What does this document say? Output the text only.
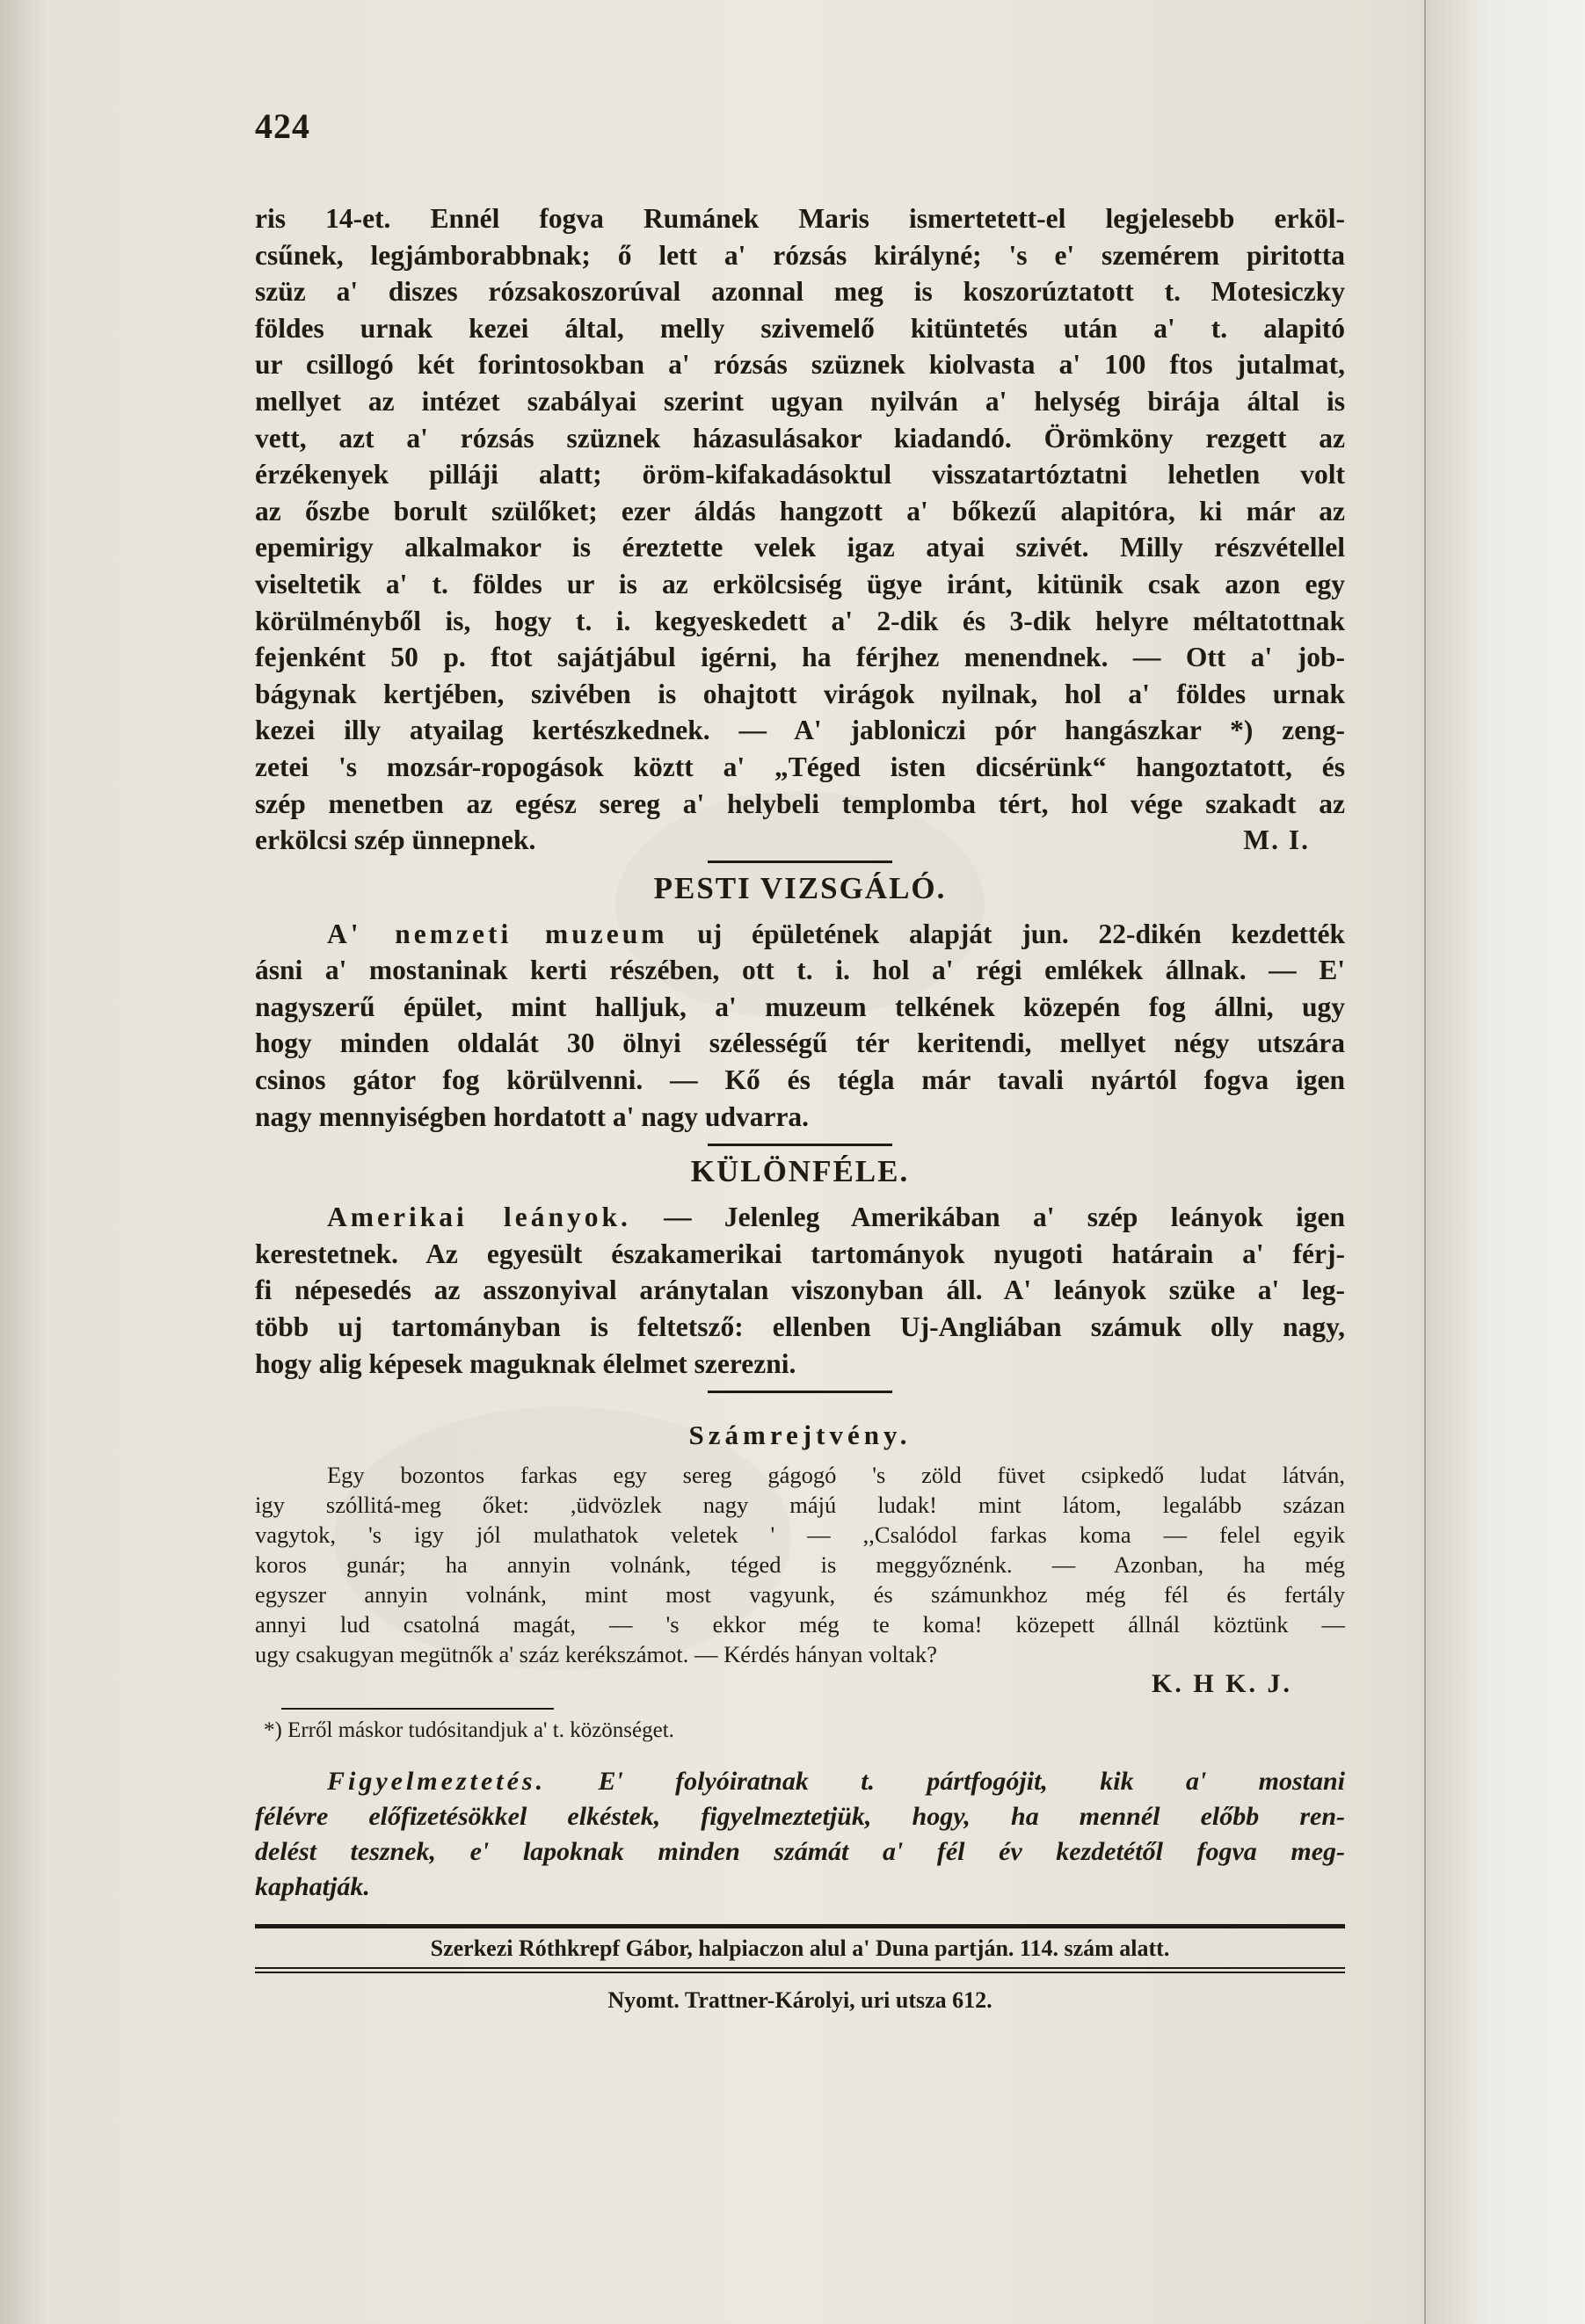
424

ris 14-et. Ennél fogva Rumánek Maris ismertetett-el legjelesebb erköl-

csűnek, legjámborabbnak; ő lett a' rózsás királyné; 's e' szemérem piritotta

szüz a' diszes rózsakoszorúval azonnal meg is koszorúztatott t. Motesiczky

földes urnak kezei által, melly szivemelő kitüntetés után a' t. alapitó

ur csillogó két forintosokban a' rózsás szüznek kiolvasta a' 100 ftos jutalmat,

mellyet az intézet szabályai szerint ugyan nyilván a' helység birája által is

vett, azt a' rózsás szüznek házasulásakor kiadandó. Örömköny rezgett az

érzékenyek pilláji alatt; öröm-kifakadásoktul visszatartóztatni lehetlen volt

az őszbe borult szülőket; ezer áldás hangzott a' bőkezű alapitóra, ki már az

epemirigy alkalmakor is éreztette velek igaz atyai szivét. Milly részvétellel

viseltetik a' t. földes ur is az erkölcsiség ügye iránt, kitünik csak azon egy

körülményből is, hogy t. i. kegyeskedett a' 2-dik és 3-dik helyre méltatottnak

fejenként 50 p. ftot sajátjábul igérni, ha férjhez menendnek. — Ott a' job-

bágynak kertjében, szivében is ohajtott virágok nyilnak, hol a' földes urnak

kezei illy atyailag kertészkednek. — A' jabloniczi pór hangászkar *) zeng-

zetei 's mozsár-ropogások köztt a' „Téged isten dicsérünk“ hangoztatott, és

szép menetben az egész sereg a' helybeli templomba tért, hol vége szakadt az

erkölcsi szép ünnepnek.	M. I.
PESTI VIZSGÁLÓ.

A' nemzeti muzeum uj épületének alapját jun. 22-dikén kezdették

ásni a' mostaninak kerti részében, ott t. i. hol a' régi emlékek állnak. — E'

nagyszerű épület, mint halljuk, a' muzeum telkének közepén fog állni, ugy

hogy minden oldalát 30 ölnyi szélességű tér keritendi, mellyet négy utszára

csinos gátor fog körülvenni. — Kő és tégla már tavali nyártól fogva igen

nagy mennyiségben hordatott a' nagy udvarra.

KÜLÖNFÉLE.

Amerikai leányok. — Jelenleg Amerikában a' szép leányok igen

kerestetnek. Az egyesült északamerikai tartományok nyugoti határain a' férj-

fi népesedés az asszonyival aránytalan viszonyban áll. A' leányok szüke a' leg-

több uj tartományban is feltetsző: ellenben Uj-Angliában számuk olly nagy,

hogy alig képesek maguknak élelmet szerezni.

Számrejtvény.

Egy bozontos farkas egy sereg gágogó 's zöld füvet csipkedő ludat látván,

igy szóllitá-meg őket: ,üdvözlek nagy májú ludak! mint látom, legalább százan

vagytok, 's igy jól mulathatok veletek ' — ,,Csalódol farkas koma — felel egyik

koros gunár; ha annyin volnánk, téged is meggyőznénk. — Azonban, ha még

egyszer annyin volnánk, mint most vagyunk, és számunkhoz még fél és fertály

annyi lud csatolná magát, — 's ekkor még te koma! közepett állnál köztünk —

ugy csakugyan megütnők a' száz kerékszámot. — Kérdés hányan voltak?

K. H K. J.
*) Erről máskor tudósitandjuk a' t. közönséget.

Figyelmeztetés. E' folyóiratnak t. pártfogójit, kik a' mostani

félévre előfizetésökkel elkéstek, figyelmeztetjük, hogy, ha mennél előbb ren-

delést tesznek, e' lapoknak minden számát a' fél év kezdetétől fogva meg-

kaphatják.

Szerkezi Róthkrepf Gábor, halpiaczon alul a' Duna partján. 114. szám alatt.
Nyomt. Trattner-Károlyi, uri utsza 612.
